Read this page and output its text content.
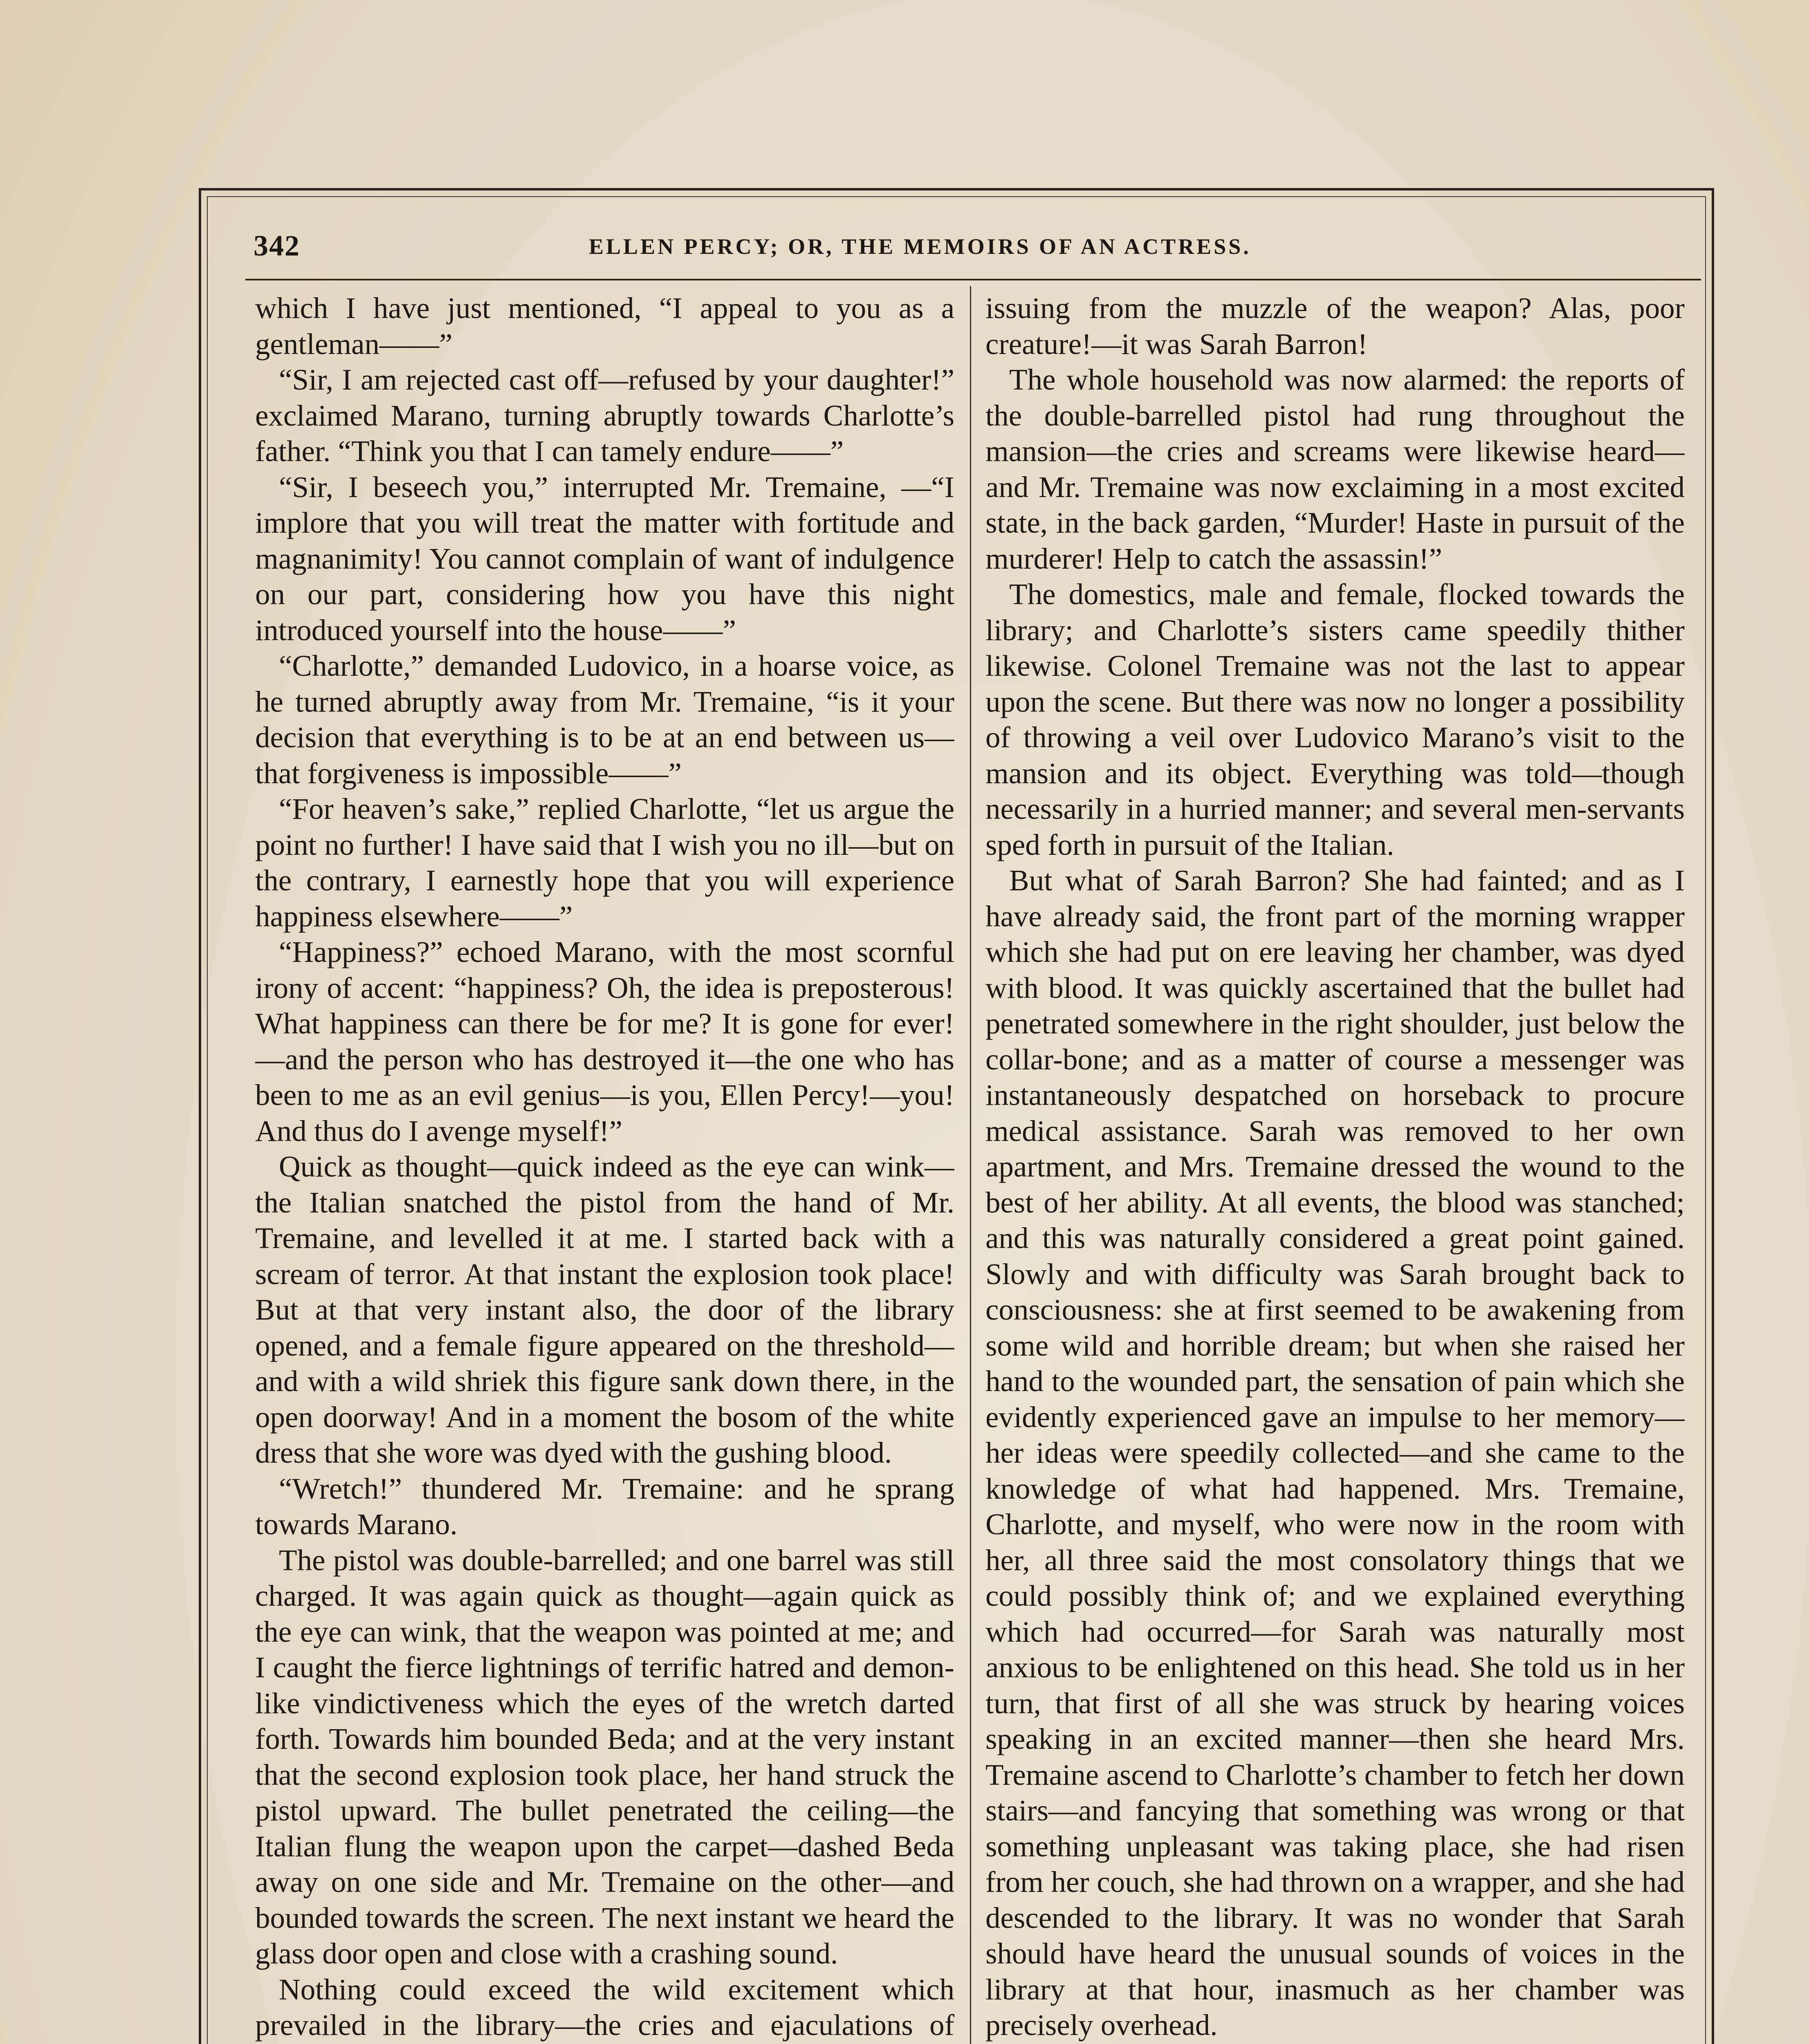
342	ELLEN PERCY; OR, THE MEMOIRS OF AN ACTRESS.

which I have just mentioned, “I appeal to you as a gentleman——”

“Sir, I am rejected cast off—refused by your daughter!” exclaimed Marano, turning abruptly towards Charlotte’s father. “Think you that I can tamely endure——”

“Sir, I beseech you,” interrupted Mr. Tremaine, —“I implore that you will treat the matter with fortitude and magnanimity! You cannot complain of want of indulgence on our part, considering how you have this night introduced yourself into the house——”

“Charlotte,” demanded Ludovico, in a hoarse voice, as he turned abruptly away from Mr. Tremaine, “is it your decision that everything is to be at an end between us—that forgiveness is impossible——”

“For heaven’s sake,” replied Charlotte, “let us argue the point no further! I have said that I wish you no ill—but on the contrary, I earnestly hope that you will experience happiness elsewhere——”

“Happiness?” echoed Marano, with the most scornful irony of accent: “happiness? Oh, the idea is preposterous! What happiness can there be for me? It is gone for ever!—and the person who has destroyed it—the one who has been to me as an evil genius—is you, Ellen Percy!—you! And thus do I avenge myself!”

Quick as thought—quick indeed as the eye can wink—the Italian snatched the pistol from the hand of Mr. Tremaine, and levelled it at me. I started back with a scream of terror. At that instant the explosion took place! But at that very instant also, the door of the library opened, and a female figure appeared on the threshold—and with a wild shriek this figure sank down there, in the open doorway! And in a moment the bosom of the white dress that she wore was dyed with the gushing blood.

“Wretch!” thundered Mr. Tremaine: and he sprang towards Marano.

The pistol was double-barrelled; and one barrel was still charged. It was again quick as thought—again quick as the eye can wink, that the weapon was pointed at me; and I caught the fierce lightnings of terrific hatred and demon-like vindictiveness which the eyes of the wretch darted forth. Towards him bounded Beda; and at the very instant that the second explosion took place, her hand struck the pistol upward. The bullet penetrated the ceiling—the Italian flung the weapon upon the carpet—dashed Beda away on one side and Mr. Tremaine on the other—and bounded towards the screen. The next instant we heard the glass door open and close with a crashing sound.

Nothing could exceed the wild excitement which prevailed in the library—the cries and ejaculations of

issuing from the muzzle of the weapon? Alas, poor creature!—it was Sarah Barron!

The whole household was now alarmed: the reports of the double-barrelled pistol had rung throughout the mansion—the cries and screams were likewise heard—and Mr. Tremaine was now exclaiming in a most excited state, in the back garden, “Murder! Haste in pursuit of the murderer! Help to catch the assassin!”

The domestics, male and female, flocked towards the library; and Charlotte’s sisters came speedily thither likewise. Colonel Tremaine was not the last to appear upon the scene. But there was now no longer a possibility of throwing a veil over Ludovico Marano’s visit to the mansion and its object. Everything was told—though necessarily in a hurried manner; and several men-servants sped forth in pursuit of the Italian.

But what of Sarah Barron? She had fainted; and as I have already said, the front part of the morning wrapper which she had put on ere leaving her chamber, was dyed with blood. It was quickly ascertained that the bullet had penetrated somewhere in the right shoulder, just below the collar-bone; and as a matter of course a messenger was instantaneously despatched on horseback to procure medical assistance. Sarah was removed to her own apartment, and Mrs. Tremaine dressed the wound to the best of her ability. At all events, the blood was stanched; and this was naturally considered a great point gained. Slowly and with difficulty was Sarah brought back to consciousness: she at first seemed to be awakening from some wild and horrible dream; but when she raised her hand to the wounded part, the sensation of pain which she evidently experienced gave an impulse to her memory—her ideas were speedily collected—and she came to the knowledge of what had happened. Mrs. Tremaine, Charlotte, and myself, who were now in the room with her, all three said the most consolatory things that we could possibly think of; and we explained everything which had occurred—for Sarah was naturally most anxious to be enlightened on this head. She told us in her turn, that first of all she was struck by hearing voices speaking in an excited manner—then she heard Mrs. Tremaine ascend to Charlotte’s chamber to fetch her down stairs—and fancying that something was wrong or that something unpleasant was taking place, she had risen from her couch, she had thrown on a wrapper, and she had descended to the library. It was no wonder that Sarah should have heard the unusual sounds of voices in the library at that hour, inasmuch as her chamber was precisely overhead.
